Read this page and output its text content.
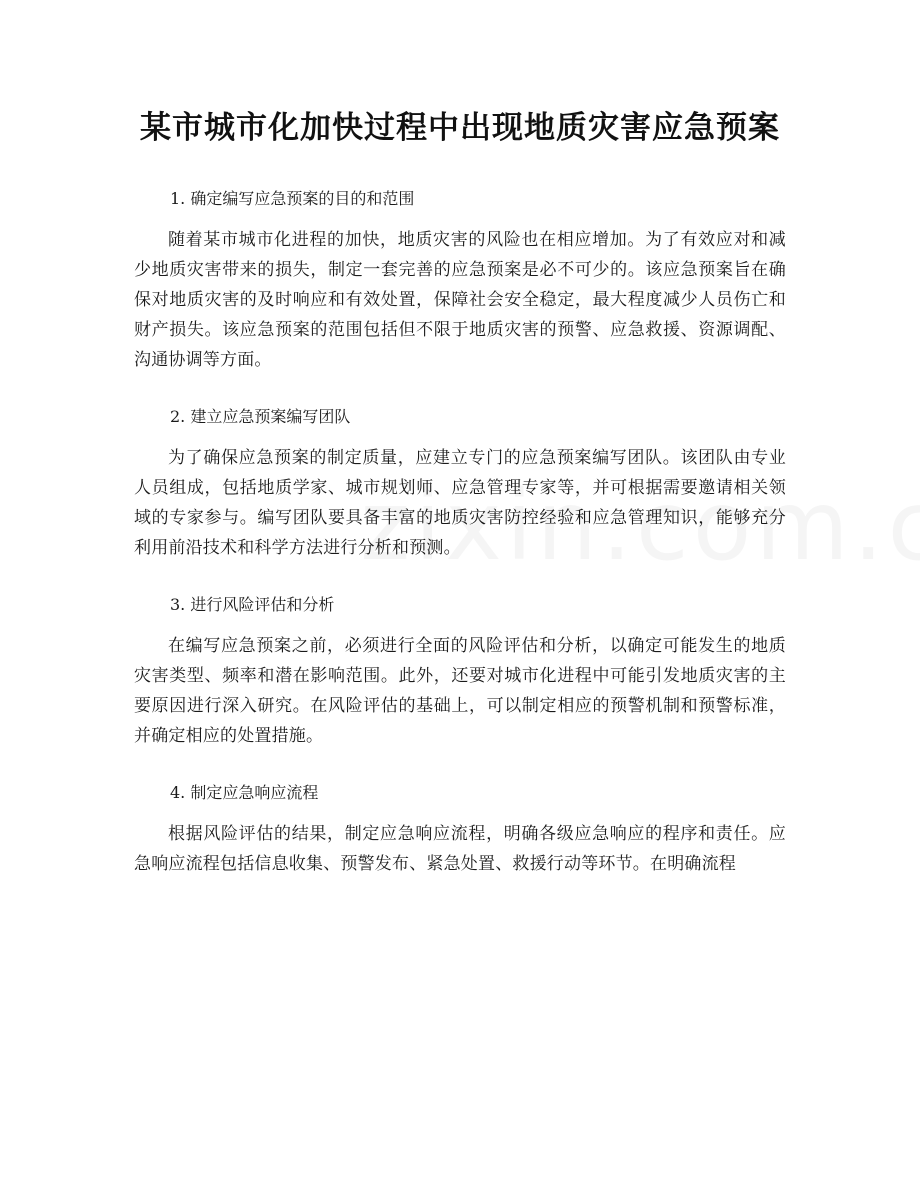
某市城市化加快过程中出现地质灾害应急预案
1. 确定编写应急预案的目的和范围

随着某市城市化进程的加快，地质灾害的风险也在相应增加。为了有效应对和减少地质灾害带来的损失，制定一套完善的应急预案是必不可少的。该应急预案旨在确保对地质灾害的及时响应和有效处置，保障社会安全稳定，最大程度减少人员伤亡和财产损失。该应急预案的范围包括但不限于地质灾害的预警、应急救援、资源调配、沟通协调等方面。

2. 建立应急预案编写团队

为了确保应急预案的制定质量，应建立专门的应急预案编写团队。该团队由专业人员组成，包括地质学家、城市规划师、应急管理专家等，并可根据需要邀请相关领域的专家参与。编写团队要具备丰富的地质灾害防控经验和应急管理知识，能够充分利用前沿技术和科学方法进行分析和预测。

3. 进行风险评估和分析

在编写应急预案之前，必须进行全面的风险评估和分析，以确定可能发生的地质灾害类型、频率和潜在影响范围。此外，还要对城市化进程中可能引发地质灾害的主要原因进行深入研究。在风险评估的基础上，可以制定相应的预警机制和预警标准，并确定相应的处置措施。

4. 制定应急响应流程

根据风险评估的结果，制定应急响应流程，明确各级应急响应的程序和责任。应急响应流程包括信息收集、预警发布、紧急处置、救援行动等环节。在明确流程
